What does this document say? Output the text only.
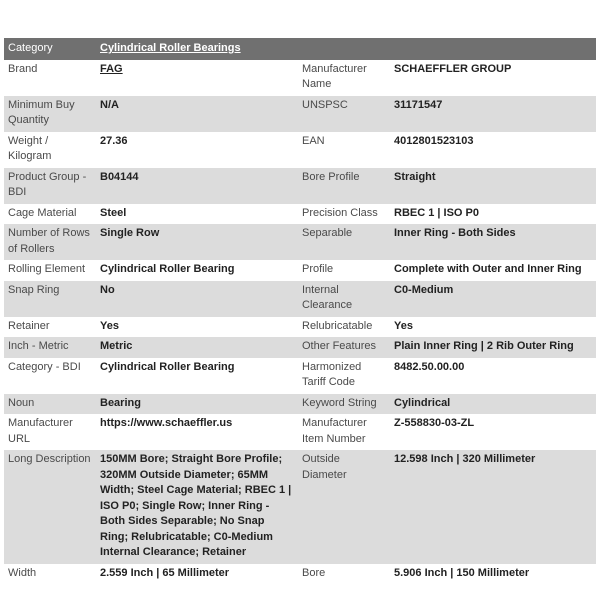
Category	Cylindrical Roller Bearings		
Brand	FAG	Manufacturer Name	SCHAEFFLER GROUP
Minimum Buy Quantity	N/A	UNSPSC	31171547
Weight / Kilogram	27.36	EAN	4012801523103
Product Group - BDI	B04144	Bore Profile	Straight
Cage Material	Steel	Precision Class	RBEC 1 | ISO P0
Number of Rows of Rollers	Single Row	Separable	Inner Ring - Both Sides
Rolling Element	Cylindrical Roller Bearing	Profile	Complete with Outer and Inner Ring
Snap Ring	No	Internal Clearance	C0-Medium
Retainer	Yes	Relubricatable	Yes
Inch - Metric	Metric	Other Features	Plain Inner Ring | 2 Rib Outer Ring
Category - BDI	Cylindrical Roller Bearing	Harmonized Tariff Code	8482.50.00.00
Noun	Bearing	Keyword String	Cylindrical
Manufacturer URL	https://www.schaeffler.us	Manufacturer Item Number	Z-558830-03-ZL
Long Description	150MM Bore; Straight Bore Profile; 320MM Outside Diameter; 65MM Width; Steel Cage Material; RBEC 1 | ISO P0; Single Row; Inner Ring - Both Sides Separable; No Snap Ring; Relubricatable; C0-Medium Internal Clearance; Retainer	Outside Diameter	12.598 Inch | 320 Millimeter
Width	2.559 Inch | 65 Millimeter	Bore	5.906 Inch | 150 Millimeter
